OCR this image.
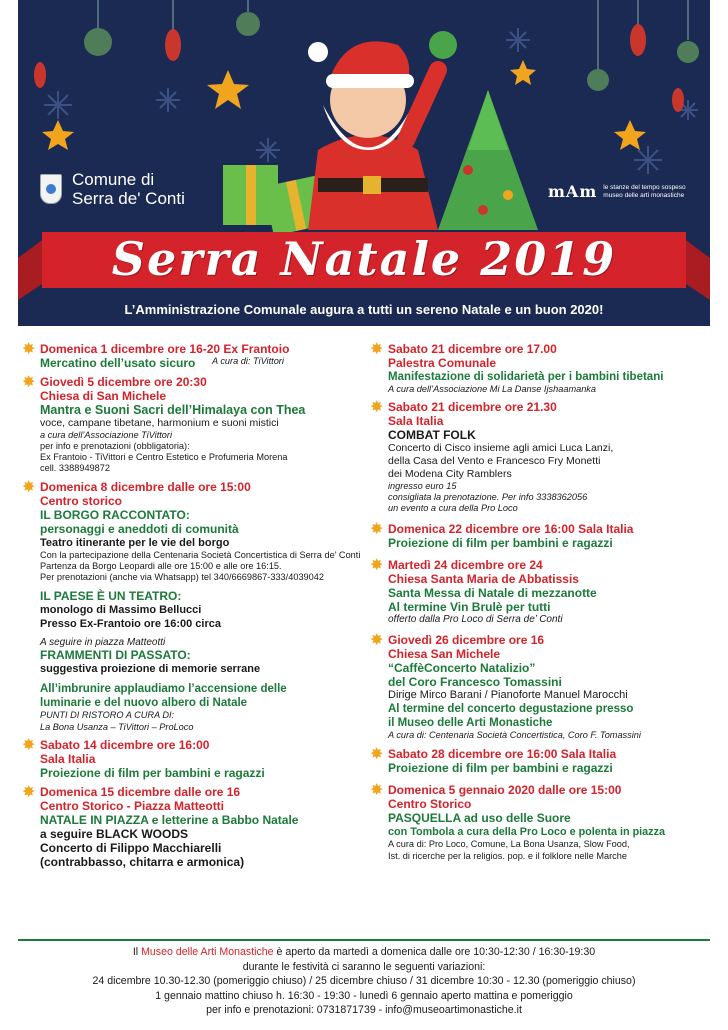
Comune di
Serra de' Conti	mAm le stanze del tempo sospeso
museo delle arti monastiche
Serra Natale 2019
L’Amministrazione Comunale augura a tutti un sereno Natale e un buon 2020!
✸ Domenica 1 dicembre ore 16-20 Ex Frantoio
Mercatino dell’usato sicuro	A cura di: TiVittori
✸ Giovedì 5 dicembre ore 20:30
Chiesa di San Michele
Mantra e Suoni Sacri dell’Himalaya con Thea
voce, campane tibetane, harmonium e suoni mistici
a cura dell’Associazione TiVittori
per info e prenotazioni (obbligatoria):
Ex Frantoio - TiVittori e Centro Estetico e Profumeria Morena
cell. 3388949872
✸ Domenica 8 dicembre dalle ore 15:00
Centro storico
IL BORGO RACCONTATO:
personaggi e aneddoti di comunità
Teatro itinerante per le vie del borgo
Con la partecipazione della Centenaria Società Concertistica di Serra de’ Conti
Partenza da Borgo Leopardi alle ore 15:00 e alle ore 16:15.
Per prenotazioni (anche via Whatsapp) tel 340/6669867-333/4039042
IL PAESE È UN TEATRO:
monologo di Massimo Bellucci
Presso Ex-Frantoio ore 16:00 circa
A seguire in piazza Matteotti
FRAMMENTI DI PASSATO:
suggestiva proiezione di memorie serrane
All’imbrunire applaudiamo l’accensione delle
luminarie e del nuovo albero di Natale
PUNTI DI RISTORO A CURA DI:
La Bona Usanza – TiVittori – ProLoco
✸ Sabato 14 dicembre ore 16:00
Sala Italia
Proiezione di film per bambini e ragazzi
✸ Domenica 15 dicembre dalle ore 16
Centro Storico - Piazza Matteotti
NATALE IN PIAZZA e letterine a Babbo Natale
a seguire BLACK WOODS
Concerto di Filippo Macchiarelli
(contrabbasso, chitarra e armonica)
✸ Sabato 21 dicembre ore 17.00
Palestra Comunale
Manifestazione di solidarietà per i bambini tibetani
A cura dell’Associazione Mi La Danse Ijshaamanka
✸ Sabato 21 dicembre ore 21.30
Sala Italia
COMBAT FOLK
Concerto di Cisco insieme agli amici Luca Lanzi,
della Casa del Vento e Francesco Fry Monetti
dei Modena City Ramblers
ingresso euro 15
consigliata la prenotazione. Per info 3338362056
un evento a cura della Pro Loco
✸ Domenica 22 dicembre ore 16:00 Sala Italia
Proiezione di film per bambini e ragazzi
✸ Martedì 24 dicembre ore 24
Chiesa Santa Maria de Abbatissis
Santa Messa di Natale di mezzanotte
Al termine Vin Brulè per tutti
offerto dalla Pro Loco di Serra de’ Conti
✸ Giovedì 26 dicembre ore 16
Chiesa San Michele
“CaffèConcerto Natalizio”
del Coro Francesco Tomassini
Dirige Mirco Barani / Pianoforte Manuel Marocchi
Al termine del concerto degustazione presso
il Museo delle Arti Monastiche
A cura di: Centenaria Società Concertistica, Coro F. Tomassini
✸ Sabato 28 dicembre ore 16:00 Sala Italia
Proiezione di film per bambini e ragazzi
✸ Domenica 5 gennaio 2020 dalle ore 15:00
Centro Storico
PASQUELLA ad uso delle Suore
con Tombola a cura della Pro Loco e polenta in piazza
A cura di: Pro Loco, Comune, La Bona Usanza, Slow Food,
Ist. di ricerche per la religios. pop. e il folklore nelle Marche
Il Museo delle Arti Monastiche è aperto da martedì a domenica dalle ore 10:30-12:30 / 16:30-19:30
durante le festività ci saranno le seguenti variazioni:
24 dicembre 10.30-12.30 (pomeriggio chiuso) / 25 dicembre chiuso / 31 dicembre 10:30 - 12.30 (pomeriggio chiuso)
1 gennaio mattino chiuso h. 16:30 - 19:30 - lunedì 6 gennaio aperto mattina e pomeriggio
per info e prenotazioni: 0731871739 - info@museoartimonastiche.it
